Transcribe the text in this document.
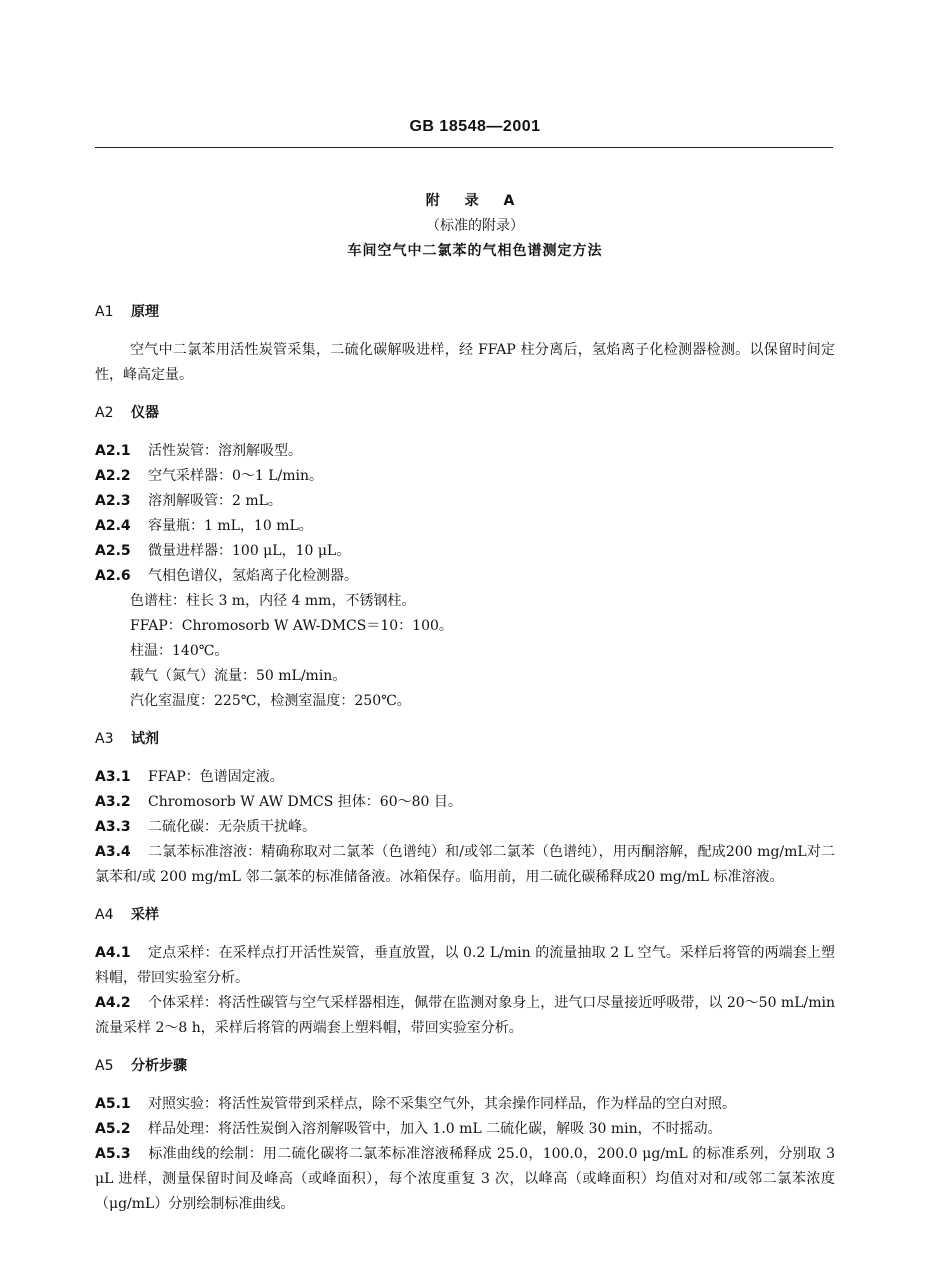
GB 18548—2001
附 录 A
（标准的附录）
车间空气中二氯苯的气相色谱测定方法

A1 原理

空气中二氯苯用活性炭管采集，二硫化碳解吸进样，经 FFAP 柱分离后，氢焰离子化检测器检测。以保留时间定性，峰高定量。

A2 仪器

A2.1 活性炭管：溶剂解吸型。

A2.2 空气采样器：0～1 L/min。

A2.3 溶剂解吸管：2 mL。

A2.4 容量瓶：1 mL，10 mL。

A2.5 微量进样器：100 μL，10 μL。

A2.6 气相色谱仪，氢焰离子化检测器。

色谱柱：柱长 3 m，内径 4 mm，不锈钢柱。

FFAP：Chromosorb W AW-DMCS＝10：100。

柱温：140℃。

载气（氮气）流量：50 mL/min。

汽化室温度：225℃，检测室温度：250℃。

A3 试剂

A3.1 FFAP：色谱固定液。

A3.2 Chromosorb W AW DMCS 担体：60～80 目。

A3.3 二硫化碳：无杂质干扰峰。

A3.4 二氯苯标准溶液：精确称取对二氯苯（色谱纯）和/或邻二氯苯（色谱纯），用丙酮溶解，配成200 mg/mL对二氯苯和/或 200 mg/mL 邻二氯苯的标准储备液。冰箱保存。临用前，用二硫化碳稀释成20 mg/mL 标准溶液。

A4 采样

A4.1 定点采样：在采样点打开活性炭管，垂直放置，以 0.2 L/min 的流量抽取 2 L 空气。采样后将管的两端套上塑料帽，带回实验室分析。

A4.2 个体采样：将活性碳管与空气采样器相连，佩带在监测对象身上，进气口尽量接近呼吸带，以 20～50 mL/min 流量采样 2～8 h，采样后将管的两端套上塑料帽，带回实验室分析。

A5 分析步骤

A5.1 对照实验：将活性炭管带到采样点，除不采集空气外，其余操作同样品，作为样品的空白对照。

A5.2 样品处理：将活性炭倒入溶剂解吸管中，加入 1.0 mL 二硫化碳，解吸 30 min，不时摇动。

A5.3 标准曲线的绘制：用二硫化碳将二氯苯标准溶液稀释成 25.0，100.0，200.0 μg/mL 的标准系列，分别取 3 μL 进样，测量保留时间及峰高（或峰面积），每个浓度重复 3 次，以峰高（或峰面积）均值对对和/或邻二氯苯浓度（μg/mL）分别绘制标准曲线。
